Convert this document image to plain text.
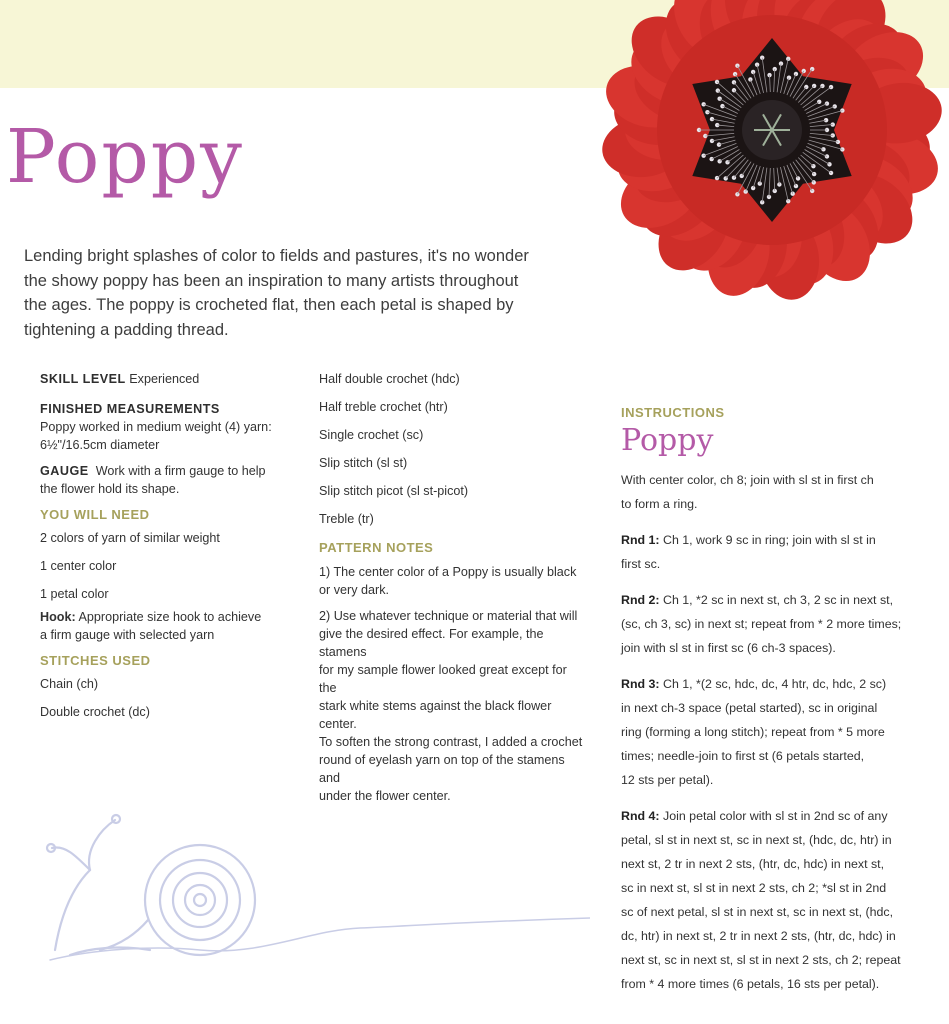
Poppy

Lending bright splashes of color to fields and pastures, it's no wonder the showy poppy has been an inspiration to many artists throughout the ages. The poppy is crocheted flat, then each petal is shaped by tightening a padding thread.

SKILL LEVEL Experienced

FINISHED MEASUREMENTS

Poppy worked in medium weight (4) yarn:

6½"/16.5cm diameter

GAUGE Work with a firm gauge to help

the flower hold its shape.

YOU WILL NEED

2 colors of yarn of similar weight

1 center color

1 petal color

Hook: Appropriate size hook to achieve

a firm gauge with selected yarn

STITCHES USED

Chain (ch)

Double crochet (dc)

Half double crochet (hdc)

Half treble crochet (htr)

Single crochet (sc)

Slip stitch (sl st)

Slip stitch picot (sl st-picot)

Treble (tr)

PATTERN NOTES

1) The center color of a Poppy is usually black

or very dark.

2) Use whatever technique or material that will

give the desired effect. For example, the stamens

for my sample flower looked great except for the

stark white stems against the black flower center.

To soften the strong contrast, I added a crochet

round of eyelash yarn on top of the stamens and

under the flower center.

INSTRUCTIONS

Poppy

With center color, ch 8; join with sl st in first ch
to form a ring.
Rnd 1: Ch 1, work 9 sc in ring; join with sl st in
first sc.
Rnd 2: Ch 1, *2 sc in next st, ch 3, 2 sc in next st,
(sc, ch 3, sc) in next st; repeat from * 2 more times;
join with sl st in first sc (6 ch-3 spaces).
Rnd 3: Ch 1, *(2 sc, hdc, dc, 4 htr, dc, hdc, 2 sc)
in next ch-3 space (petal started), sc in original
ring (forming a long stitch); repeat from * 5 more
times; needle-join to first st (6 petals started,
12 sts per petal).
Rnd 4: Join petal color with sl st in 2nd sc of any
petal, sl st in next st, sc in next st, (hdc, dc, htr) in
next st, 2 tr in next 2 sts, (htr, dc, hdc) in next st,
sc in next st, sl st in next 2 sts, ch 2; *sl st in 2nd
sc of next petal, sl st in next st, sc in next st, (hdc,
dc, htr) in next st, 2 tr in next 2 sts, (htr, dc, hdc) in
next st, sc in next st, sl st in next 2 sts, ch 2; repeat
from * 4 more times (6 petals, 16 sts per petal).
